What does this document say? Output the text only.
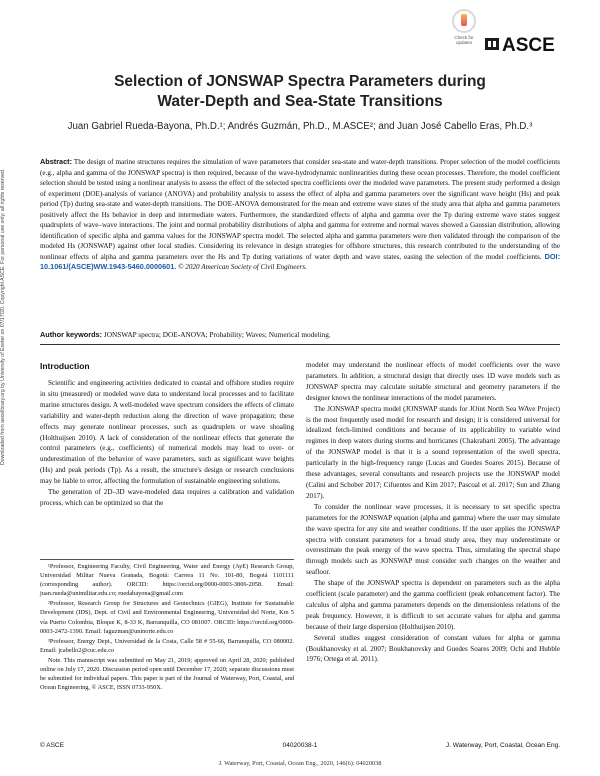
Downloaded from ascelibrary.org by University of Exeter on 07/17/20. Copyright ASCE. For personal use only; all rights reserved.
Check for
updates	ASCE
Selection of JONSWAP Spectra Parameters during
Water-Depth and Sea-State Transitions
Juan Gabriel Rueda-Bayona, Ph.D.¹; Andrés Guzmán, Ph.D., M.ASCE²; and Juan José Cabello Eras, Ph.D.³
Abstract: The design of marine structures requires the simulation of wave parameters that consider sea-state and water-depth transitions. Proper selection of the model coefficients (e.g., alpha and gamma of the JONSWAP spectra) is then required, because of the wave-hydrodynamic nonlinearities during these ocean processes. Therefore, the model coefficient selection should be tested using a nonlinear analysis to assess the effect of the selected spectra coefficients over the modeled wave parameters. The present study performed a design of experiment (DOE)-analysis of variance (ANOVA) and probability analysis to assess the effect of alpha and gamma parameters over the significant wave height (Hs) and peak period (Tp) during sea-state and water-depth transitions. The DOE-ANOVA demonstrated for the mean and extreme wave states of the study area that alpha and gamma parameters positively affect the Hs behavior in deep and intermediate waters. Furthermore, the standardized effects of alpha and gamma over the Tp during extreme wave states suggest quadruplets of wave–wave interactions. The joint and normal probability distributions of alpha and gamma for extreme and normal waves showed a Gaussian distribution, allowing identification of specific alpha and gamma values for the JONSWAP spectra model. The selected alpha and gamma parameters were then validated through the comparison of the modeled Hs (JONSWAP) against other local studies. Considering its relevance in design strategies for offshore structures, this research contributed to the understanding of the nonlinear effects of alpha and gamma parameters over the Hs and Tp during variations of water depth and wave states, easing the selection of the model coefficients. DOI: 10.1061/(ASCE)WW.1943-5460.0000601. © 2020 American Society of Civil Engineers.
Author keywords: JONSWAP spectra; DOE-ANOVA; Probability; Waves; Numerical modeling.
Introduction

Scientific and engineering activities dedicated to coastal and offshore studies require in situ (measured) or modeled wave data to understand local processes and to facilitate marine structures design. A well-modeled wave spectrum considers the effects of climate variability and water-depth reduction along the direction of wave propagation; these effects may generate nonlinear processes, such as quadruplets or wave shoaling (Holthuijsen 2010). A lack of consideration of the nonlinear effects that generate the control parameters (e.g., coefficients) of numerical models may lead to over- or underestimation of the behavior of wave parameters, such as significant wave heights (Hs) and peak periods (Tp). As a result, the structure's design or research conclusions may be liable to error, affecting the formulation of sustainable engineering solutions.

The generation of 2D–3D wave-modeled data requires a calibration and validation process, which can be optimized so that the

¹Professor, Engineering Faculty, Civil Engineering, Water and Energy (AyE) Research Group, Universidad Militar Nueva Granada, Bogotá: Carrera 11 No. 101-80, Bogotá 1101111 (corresponding author). ORCID: https://orcid.org/0000-0003-3806-2058. Email: juan.rueda@unimilitar.edu.co; ruedabayona@gmail.com

²Professor, Research Group for Structures and Geotechnics (GIEG), Institute for Sustainable Development (IDS), Dept. of Civil and Environmental Engineering, Universidad del Norte, Km 5 vía Puerto Colombia, Bloque K, 8-33 K, Barranquilla, CO 081007. ORCID: https://orcid.org/0000-0003-2472-1390. Email: faguzman@uninorte.edu.co

³Professor, Energy Dept., Universidad de la Costa, Calle 58 # 55-66, Barranquilla, CO 080002. Email: jcabello2@cuc.edu.co

Note. This manuscript was submitted on May 21, 2019; approved on April 28, 2020; published online on July 17, 2020. Discussion period open until December 17, 2020; separate discussions must be submitted for individual papers. This paper is part of the Journal of Waterway, Port, Coastal, and Ocean Engineering, © ASCE, ISSN 0733-950X.

modeler may understand the nonlinear effects of model coefficients over the wave parameters. In addition, a structural design that directly uses 1D wave models such as JONSWAP spectra may calculate suitable structural and geometry parameters if the designer knows the nonlinear interactions of the model parameters.

The JONSWAP spectra model (JONSWAP stands for JOint North Sea WAve Project) is the most frequently used model for research and design; it is considered universal for idealized fetch-limited conditions and because of its applicability to variable wind regimes in deep waters during storms and hurricanes (Chakrabarti 2005). The advantage of the JONSWAP model is that it is a sound representation of the swell spectra, particularly in the high-frequency range (Lucas and Guedes Soares 2015). Because of these advantages, several consultants and research projects use the JONSWAP model (Calini and Schober 2017; Cifuentes and Kim 2017; Pascoal et al. 2017; Sun and Zhang 2017).

To consider the nonlinear wave processes, it is necessary to set specific spectra parameters for the JONSWAP equation (alpha and gamma) where the user may simulate the wave spectra for any site and weather conditions. If the user applies the JONSWAP spectra with constant parameters for a broad study area, they may underestimate or overestimate the peak energy of the wave spectra. Thus, simulating the spectral shape through models such as JONSWAP must consider such changes on the weather and seafloor.

The shape of the JONSWAP spectra is dependent on parameters such as the alpha coefficient (scale parameter) and the gamma coefficient (peak enhancement factor). The calculus of alpha and gamma parameters depends on the dimensionless relations of the peak frequency. However, it is difficult to set accurate values for alpha and gamma because of their large dispersion (Holthuijsen 2010).

Several studies suggest consideration of constant values for alpha or gamma (Boukhanovsky et al. 2007; Boukhanovsky and Guedes Soares 2009; Ochi and Hubble 1976; Ortega et al. 2011).

© ASCE	04020038-1	J. Waterway, Port, Coastal, Ocean Eng.
J. Waterway, Port, Coastal, Ocean Eng., 2020, 146(6): 04020038
